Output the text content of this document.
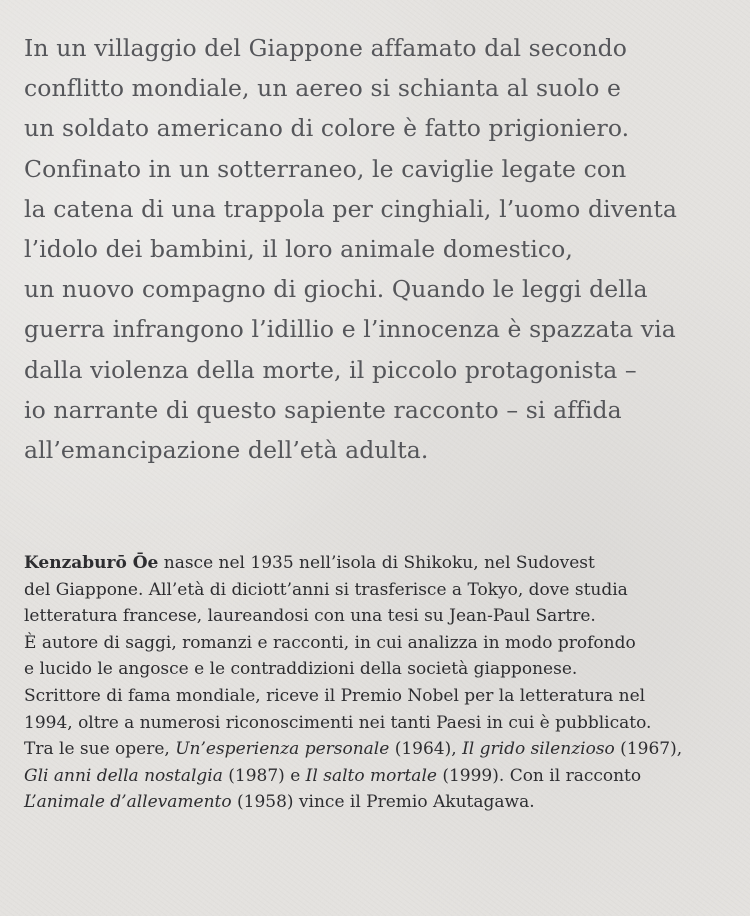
In un villaggio del Giappone affamato dal secondo
conflitto mondiale, un aereo si schianta al suolo e
un soldato americano di colore è fatto prigioniero.
Confinato in un sotterraneo, le caviglie legate con
la catena di una trappola per cinghiali, l’uomo diventa
l’idolo dei bambini, il loro animale domestico,
un nuovo compagno di giochi. Quando le leggi della
guerra infrangono l’idillio e l’innocenza è spazzata via
dalla violenza della morte, il piccolo protagonista –
io narrante di questo sapiente racconto – si affida
all’emancipazione dell’età adulta.
Kenzaburō Ōe nasce nel 1935 nell’isola di Shikoku, nel Sudovest
del Giappone. All’età di diciott’anni si trasferisce a Tokyo, dove studia
letteratura francese, laureandosi con una tesi su Jean-Paul Sartre.
È autore di saggi, romanzi e racconti, in cui analizza in modo profondo
e lucido le angosce e le contraddizioni della società giapponese.
Scrittore di fama mondiale, riceve il Premio Nobel per la letteratura nel
1994, oltre a numerosi riconoscimenti nei tanti Paesi in cui è pubblicato.
Tra le sue opere, Un’esperienza personale (1964), Il grido silenzioso (1967),
Gli anni della nostalgia (1987) e Il salto mortale (1999). Con il racconto
L’animale d’allevamento (1958) vince il Premio Akutagawa.
